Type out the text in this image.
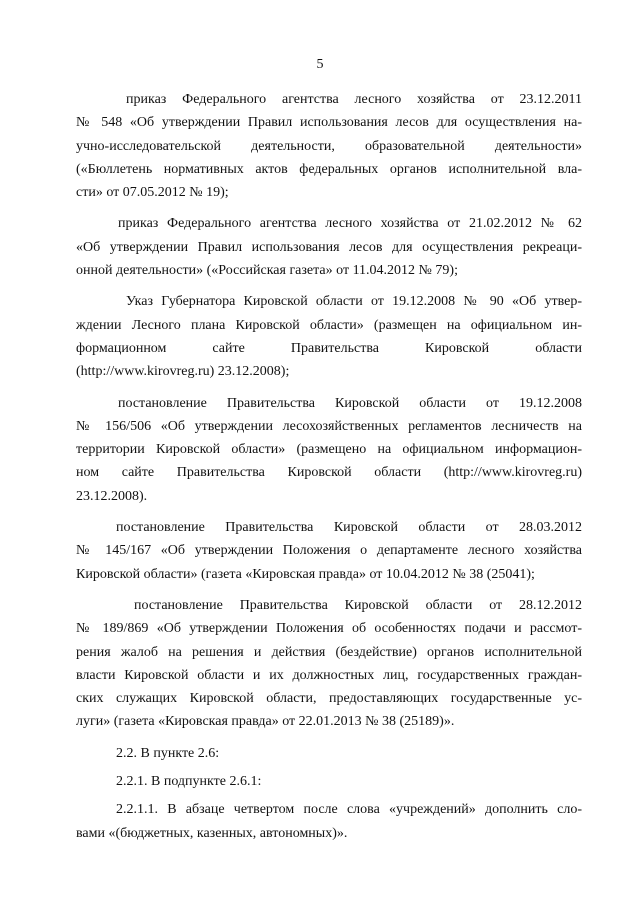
5

приказ Федерального агентства лесного хозяйства от 23.12.2011
№ 548 «Об утверждении Правил использования лесов для осуществления на-
учно-исследовательской деятельности, образовательной деятельности»
(«Бюллетень нормативных актов федеральных органов исполнительной вла-
сти» от 07.05.2012 № 19);

приказ Федерального агентства лесного хозяйства от 21.02.2012 № 62
«Об утверждении Правил использования лесов для осуществления рекреаци-
онной деятельности» («Российская газета» от 11.04.2012 № 79);

Указ Губернатора Кировской области от 19.12.2008 № 90 «Об утвер-
ждении Лесного плана Кировской области» (размещен на официальном ин-
формационном сайте Правительства Кировской области
(http://www.kirovreg.ru) 23.12.2008);

постановление Правительства Кировской области от 19.12.2008
№ 156/506 «Об утверждении лесохозяйственных регламентов лесничеств на
территории Кировской области» (размещено на официальном информацион-
ном сайте Правительства Кировской области (http://www.kirovreg.ru)
23.12.2008).

постановление Правительства Кировской области от 28.03.2012
№ 145/167 «Об утверждении Положения о департаменте лесного хозяйства
Кировской области» (газета «Кировская правда» от 10.04.2012 № 38 (25041);

постановление Правительства Кировской области от 28.12.2012
№ 189/869 «Об утверждении Положения об особенностях подачи и рассмот-
рения жалоб на решения и действия (бездействие) органов исполнительной
власти Кировской области и их должностных лиц, государственных граждан-
ских служащих Кировской области, предоставляющих государственные ус-
луги» (газета «Кировская правда» от 22.01.2013 № 38 (25189)».

2.2. В пункте 2.6:

2.2.1. В подпункте 2.6.1:

2.2.1.1. В абзаце четвертом после слова «учреждений» дополнить сло-
вами «(бюджетных, казенных, автономных)».
